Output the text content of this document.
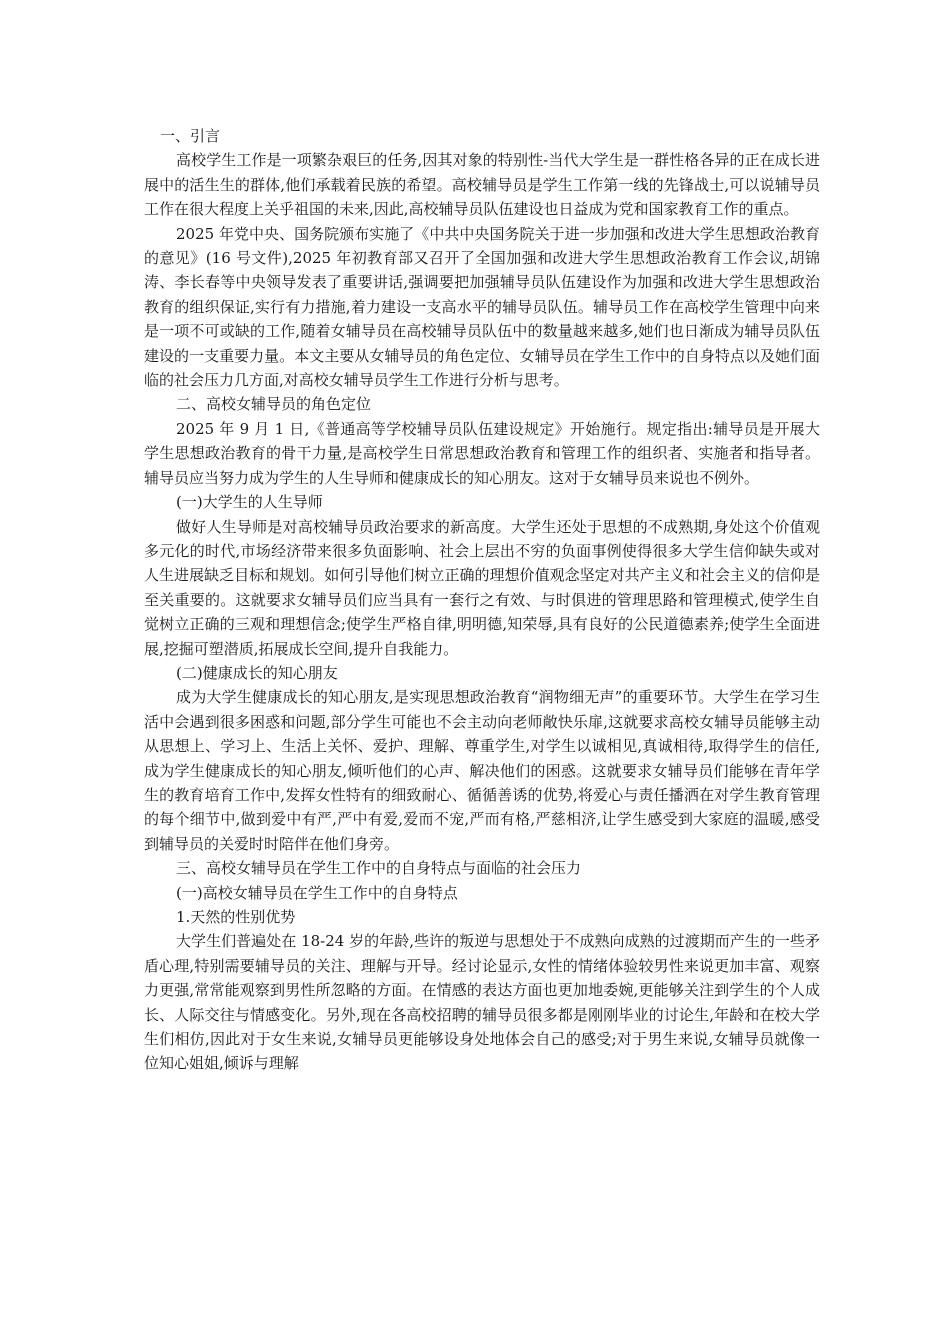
一、引言

高校学生工作是一项繁杂艰巨的任务,因其对象的特别性-当代大学生是一群性格各异的正在成长进展中的活生生的群体,他们承载着民族的希望。高校辅导员是学生工作第一线的先锋战士,可以说辅导员工作在很大程度上关乎祖国的未来,因此,高校辅导员队伍建设也日益成为党和国家教育工作的重点。

2025 年党中央、国务院颁布实施了《中共中央国务院关于进一步加强和改进大学生思想政治教育的意见》(16 号文件),2025 年初教育部又召开了全国加强和改进大学生思想政治教育工作会议,胡锦涛、李长春等中央领导发表了重要讲话,强调要把加强辅导员队伍建设作为加强和改进大学生思想政治教育的组织保证,实行有力措施,着力建设一支高水平的辅导员队伍。辅导员工作在高校学生管理中向来是一项不可或缺的工作,随着女辅导员在高校辅导员队伍中的数量越来越多,她们也日渐成为辅导员队伍建设的一支重要力量。本文主要从女辅导员的角色定位、女辅导员在学生工作中的自身特点以及她们面临的社会压力几方面,对高校女辅导员学生工作进行分析与思考。

二、高校女辅导员的角色定位

2025 年 9 月 1 日,《普通高等学校辅导员队伍建设规定》开始施行。规定指出:辅导员是开展大学生思想政治教育的骨干力量,是高校学生日常思想政治教育和管理工作的组织者、实施者和指导者。辅导员应当努力成为学生的人生导师和健康成长的知心朋友。这对于女辅导员来说也不例外。

(一)大学生的人生导师

做好人生导师是对高校辅导员政治要求的新高度。大学生还处于思想的不成熟期,身处这个价值观多元化的时代,市场经济带来很多负面影响、社会上层出不穷的负面事例使得很多大学生信仰缺失或对人生进展缺乏目标和规划。如何引导他们树立正确的理想价值观念坚定对共产主义和社会主义的信仰是至关重要的。这就要求女辅导员们应当具有一套行之有效、与时俱进的管理思路和管理模式,使学生自觉树立正确的三观和理想信念;使学生严格自律,明明德,知荣辱,具有良好的公民道德素养;使学生全面进展,挖掘可塑潜质,拓展成长空间,提升自我能力。

(二)健康成长的知心朋友

成为大学生健康成长的知心朋友,是实现思想政治教育“润物细无声”的重要环节。大学生在学习生活中会遇到很多困惑和问题,部分学生可能也不会主动向老师敞快乐扉,这就要求高校女辅导员能够主动从思想上、学习上、生活上关怀、爱护、理解、尊重学生,对学生以诚相见,真诚相待,取得学生的信任,成为学生健康成长的知心朋友,倾听他们的心声、解决他们的困惑。这就要求女辅导员们能够在青年学生的教育培育工作中,发挥女性特有的细致耐心、循循善诱的优势,将爱心与责任播洒在对学生教育管理的每个细节中,做到爱中有严,严中有爱,爱而不宠,严而有格,严慈相济,让学生感受到大家庭的温暖,感受到辅导员的关爱时时陪伴在他们身旁。

三、高校女辅导员在学生工作中的自身特点与面临的社会压力

(一)高校女辅导员在学生工作中的自身特点

1.天然的性别优势

大学生们普遍处在 18-24 岁的年龄,些许的叛逆与思想处于不成熟向成熟的过渡期而产生的一些矛盾心理,特别需要辅导员的关注、理解与开导。经讨论显示,女性的情绪体验较男性来说更加丰富、观察力更强,常常能观察到男性所忽略的方面。在情感的表达方面也更加地委婉,更能够关注到学生的个人成长、人际交往与情感变化。另外,现在各高校招聘的辅导员很多都是刚刚毕业的讨论生,年龄和在校大学生们相仿,因此对于女生来说,女辅导员更能够设身处地体会自己的感受;对于男生来说,女辅导员就像一位知心姐姐,倾诉与理解
